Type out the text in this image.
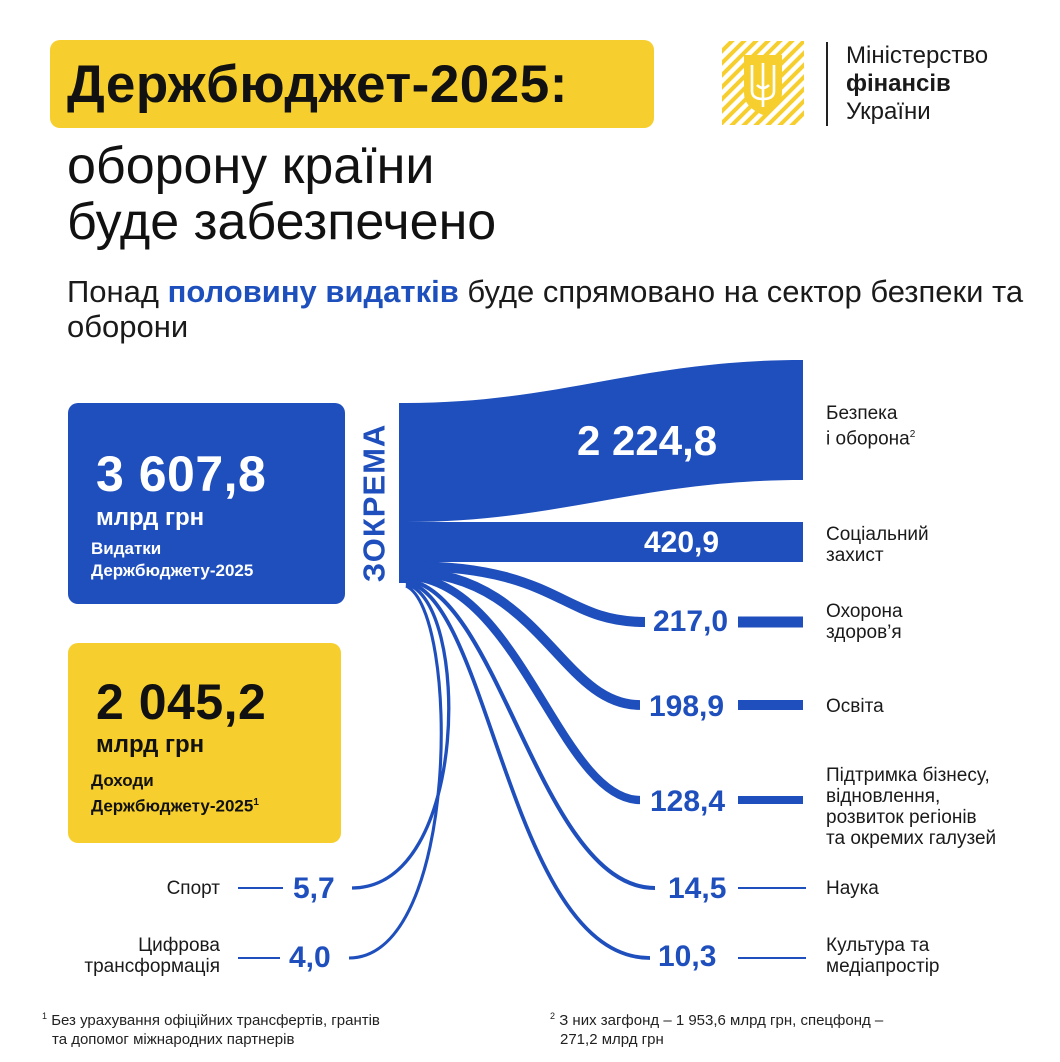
Держбюджет-2025:
оборону країни
буде забезпечено
Понад половину видатків буде спрямовано на сектор безпеки та оборони
Міністерство
фінансів
України
3 607,8
млрд грн
Видатки
Держбюджету-2025
2 045,2
млрд грн
Доходи
Держбюджету-2025$^1$
ЗОКРЕМА	2 224,8
420,9
217,0
198,9
128,4
14,5
10,3
5,7
4,0
Безпека
і оборона$^2$
Соціальний
захист
Охорона
здоров’я
Освіта
Підтримка бізнесу,
відновлення,
розвиток регіонів
та окремих галузей
Наука
Культура та
медіапростір
Спорт
Цифрова
трансформація
$^1$ Без урахування офіційних трансфертів, грантів
та допомог міжнародних партнерів
$^2$ З них загфонд – 1 953,6 млрд грн, спецфонд –
271,2 млрд грн
